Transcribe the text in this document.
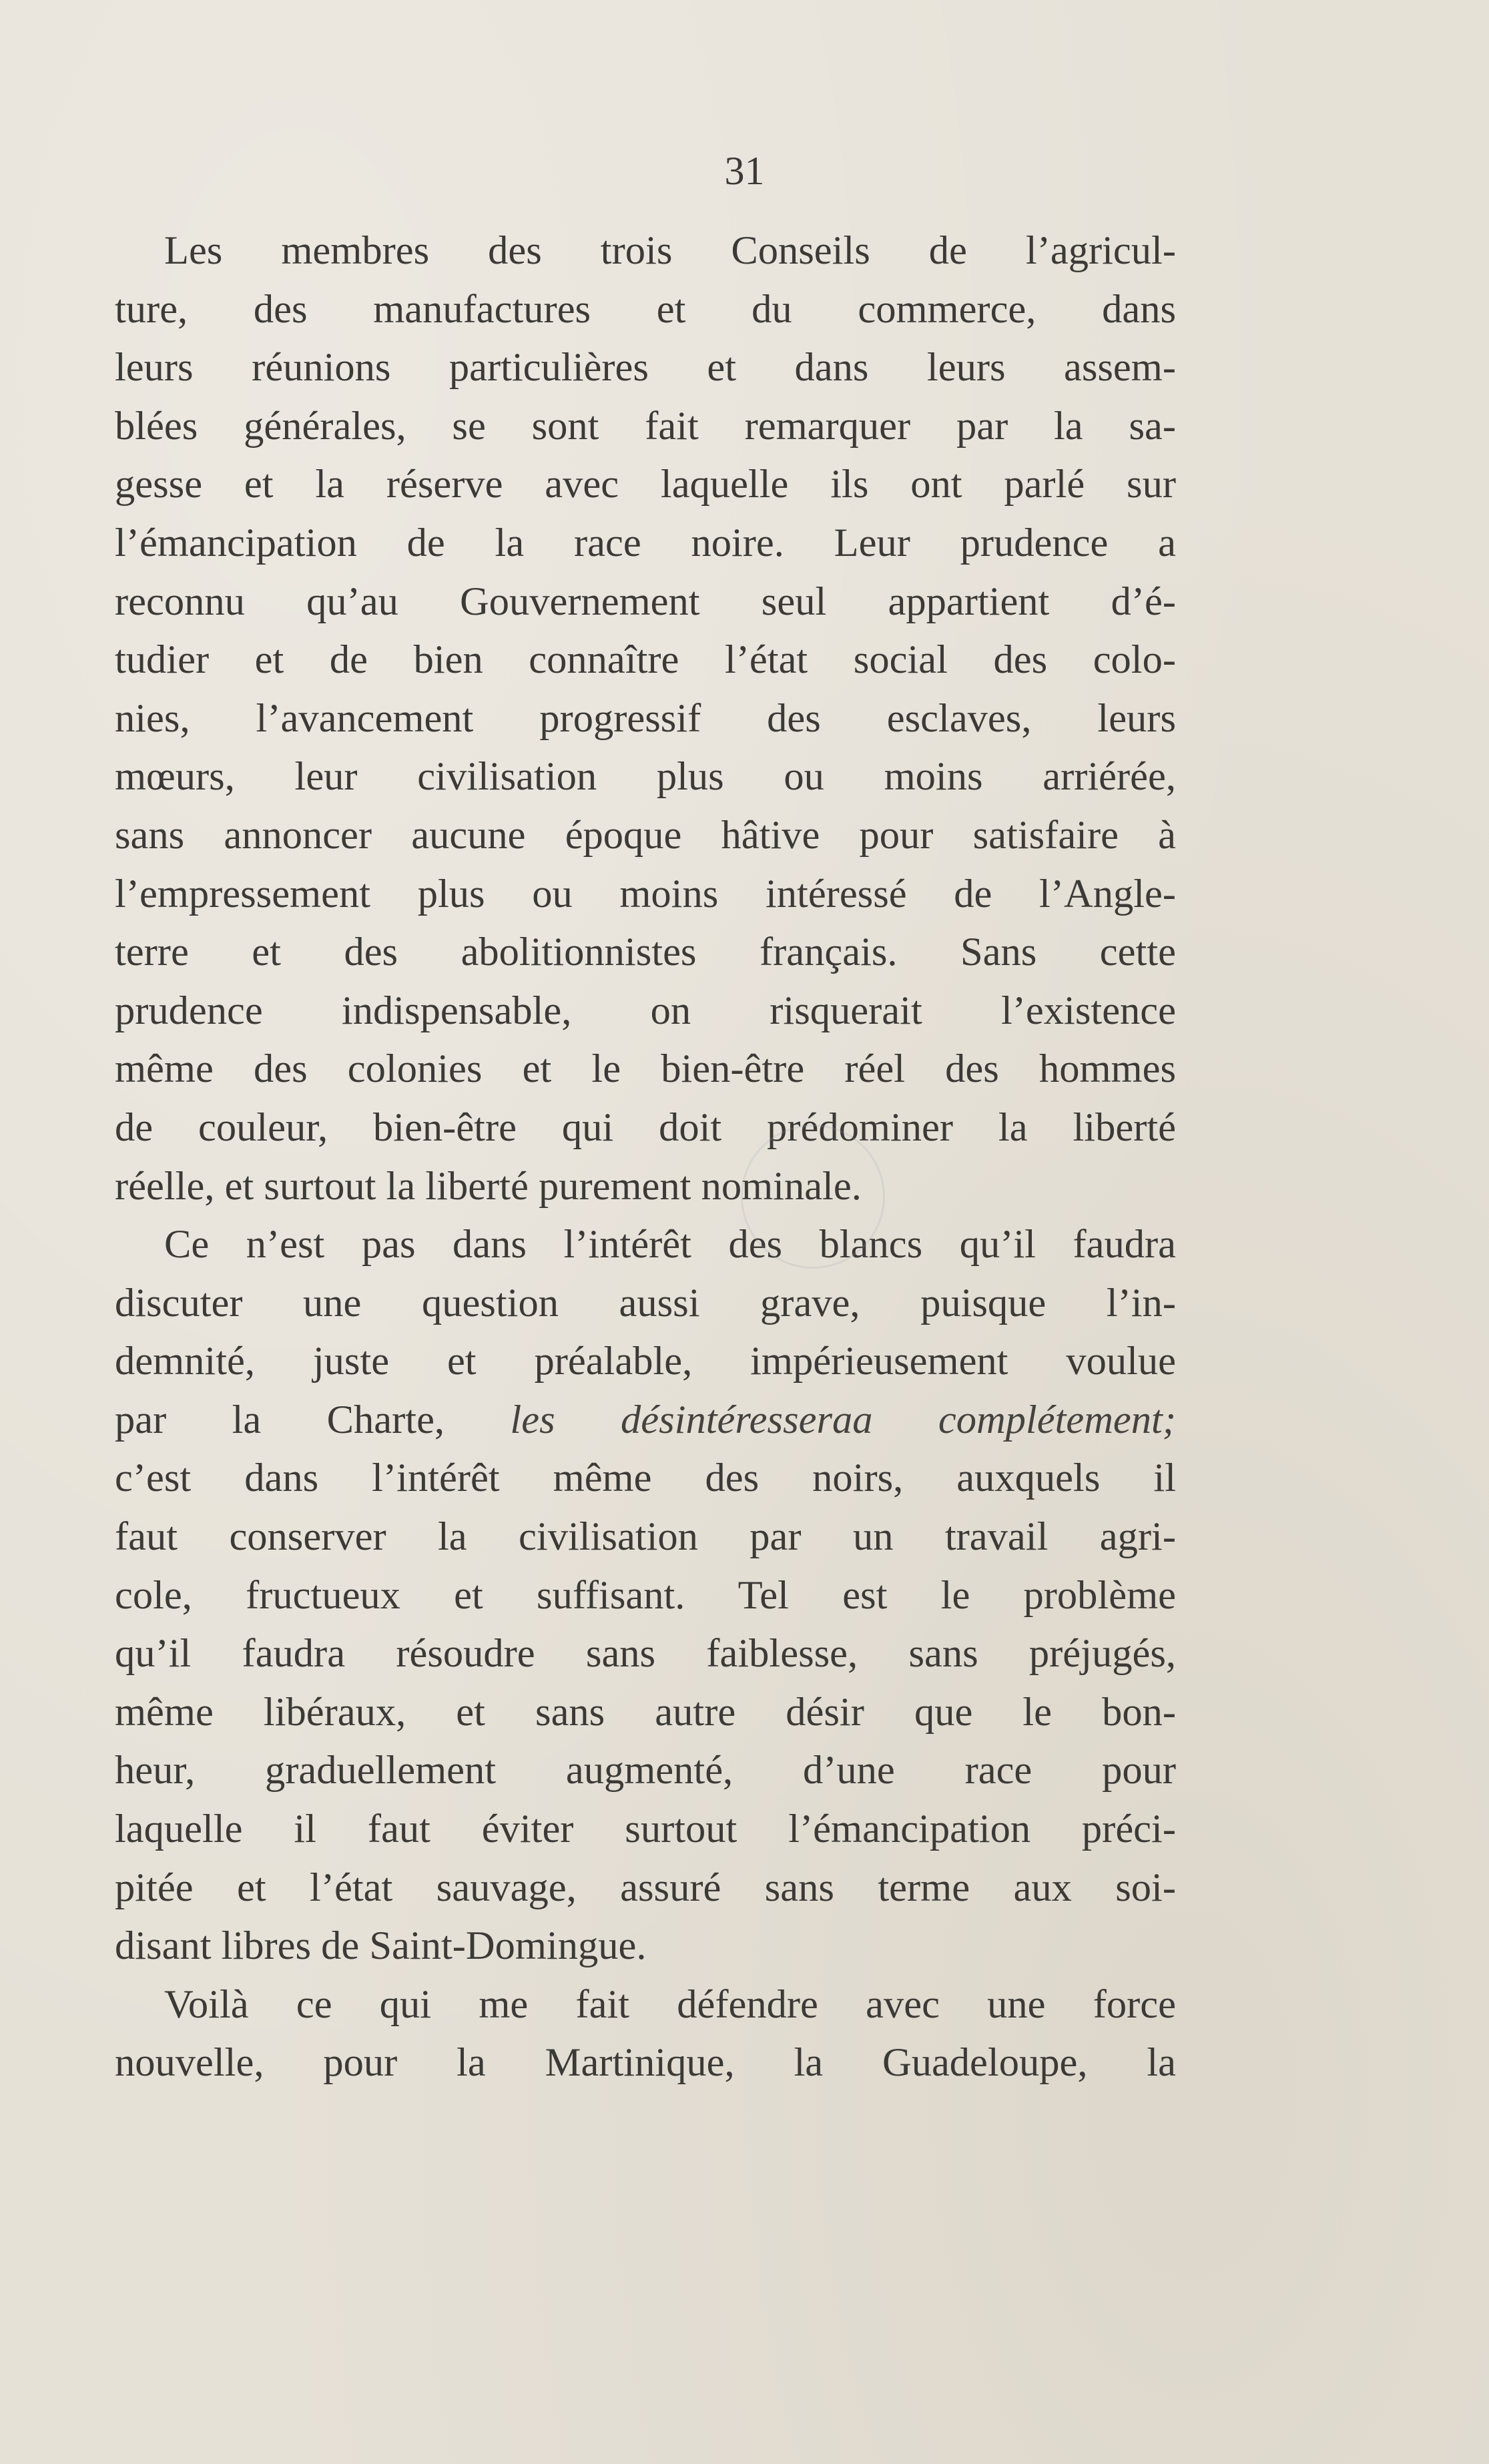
31
Les membres des trois Conseils de l’agricul-
ture, des manufactures et du commerce, dans
leurs réunions particulières et dans leurs assem-
blées générales, se sont fait remarquer par la sa-
gesse et la réserve avec laquelle ils ont parlé sur
l’émancipation de la race noire. Leur prudence a
reconnu qu’au Gouvernement seul appartient d’é-
tudier et de bien connaître l’état social des colo-
nies, l’avancement progressif des esclaves, leurs
mœurs, leur civilisation plus ou moins arriérée,
sans annoncer aucune époque hâtive pour satisfaire à
l’empressement plus ou moins intéressé de l’Angle-
terre et des abolitionnistes français. Sans cette
prudence indispensable, on risquerait l’existence
même des colonies et le bien-être réel des hommes
de couleur, bien-être qui doit prédominer la liberté
réelle, et surtout la liberté purement nominale.
Ce n’est pas dans l’intérêt des blancs qu’il faudra
discuter une question aussi grave, puisque l’in-
demnité, juste et préalable, impérieusement voulue
par la Charte, les désintéresseraa complétement;
c’est dans l’intérêt même des noirs, auxquels il
faut conserver la civilisation par un travail agri-
cole, fructueux et suffisant. Tel est le problème
qu’il faudra résoudre sans faiblesse, sans préjugés,
même libéraux, et sans autre désir que le bon-
heur, graduellement augmenté, d’une race pour
laquelle il faut éviter surtout l’émancipation préci-
pitée et l’état sauvage, assuré sans terme aux soi-
disant libres de Saint-Domingue.
Voilà ce qui me fait défendre avec une force
nouvelle, pour la Martinique, la Guadeloupe, la
